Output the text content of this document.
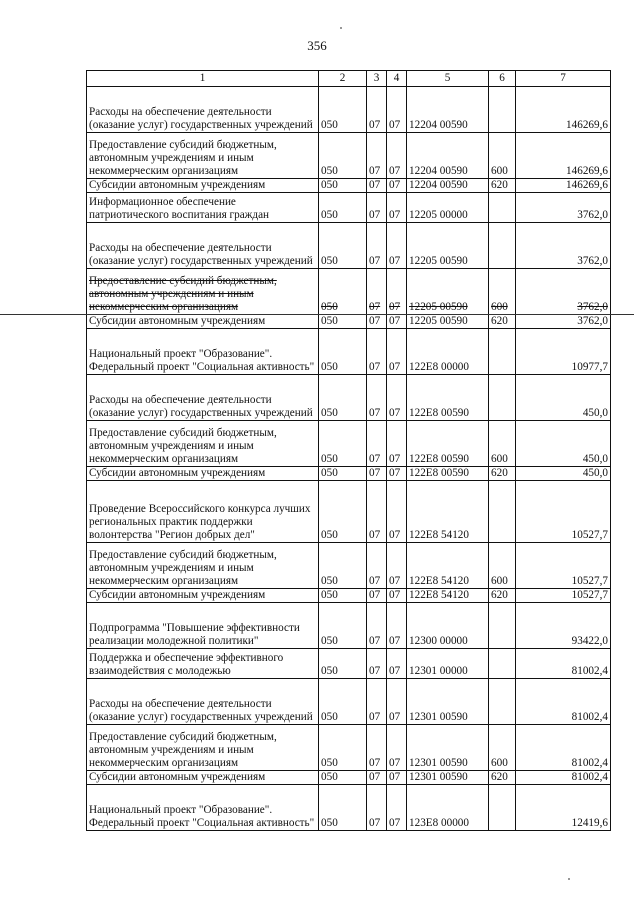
356
1	2	3	4	5	6	7
Расходы на обеспечение деятельности (оказание услуг) государственных учреждений	050	07	07	12204 00590		146269,6
Предоставление субсидий бюджетным, автономным учреждениям и иным некоммерческим организациям	050	07	07	12204 00590	600	146269,6
Субсидии автономным учреждениям	050	07	07	12204 00590	620	146269,6
Информационное обеспечение патриотического воспитания граждан	050	07	07	12205 00000		3762,0
Расходы на обеспечение деятельности (оказание услуг) государственных учреждений	050	07	07	12205 00590		3762,0
Предоставление субсидий бюджетным, автономным учреждениям и иным некоммерческим организациям	050	07	07	12205 00590	600	3762,0
Субсидии автономным учреждениям	050	07	07	12205 00590	620	3762,0
Национальный проект "Образование". Федеральный проект "Социальная активность"	050	07	07	122E8 00000		10977,7
Расходы на обеспечение деятельности (оказание услуг) государственных учреждений	050	07	07	122E8 00590		450,0
Предоставление субсидий бюджетным, автономным учреждениям и иным некоммерческим организациям	050	07	07	122E8 00590	600	450,0
Субсидии автономным учреждениям	050	07	07	122E8 00590	620	450,0
Проведение Всероссийского конкурса лучших региональных практик поддержки волонтерства "Регион добрых дел"	050	07	07	122E8 54120		10527,7
Предоставление субсидий бюджетным, автономным учреждениям и иным некоммерческим организациям	050	07	07	122E8 54120	600	10527,7
Субсидии автономным учреждениям	050	07	07	122E8 54120	620	10527,7
Подпрограмма "Повышение эффективности реализации молодежной политики"	050	07	07	12300 00000		93422,0
Поддержка и обеспечение эффективного взаимодействия с молодежью	050	07	07	12301 00000		81002,4
Расходы на обеспечение деятельности (оказание услуг) государственных учреждений	050	07	07	12301 00590		81002,4
Предоставление субсидий бюджетным, автономным учреждениям и иным некоммерческим организациям	050	07	07	12301 00590	600	81002,4
Субсидии автономным учреждениям	050	07	07	12301 00590	620	81002,4
Национальный проект "Образование". Федеральный проект "Социальная активность"	050	07	07	123E8 00000		12419,6
